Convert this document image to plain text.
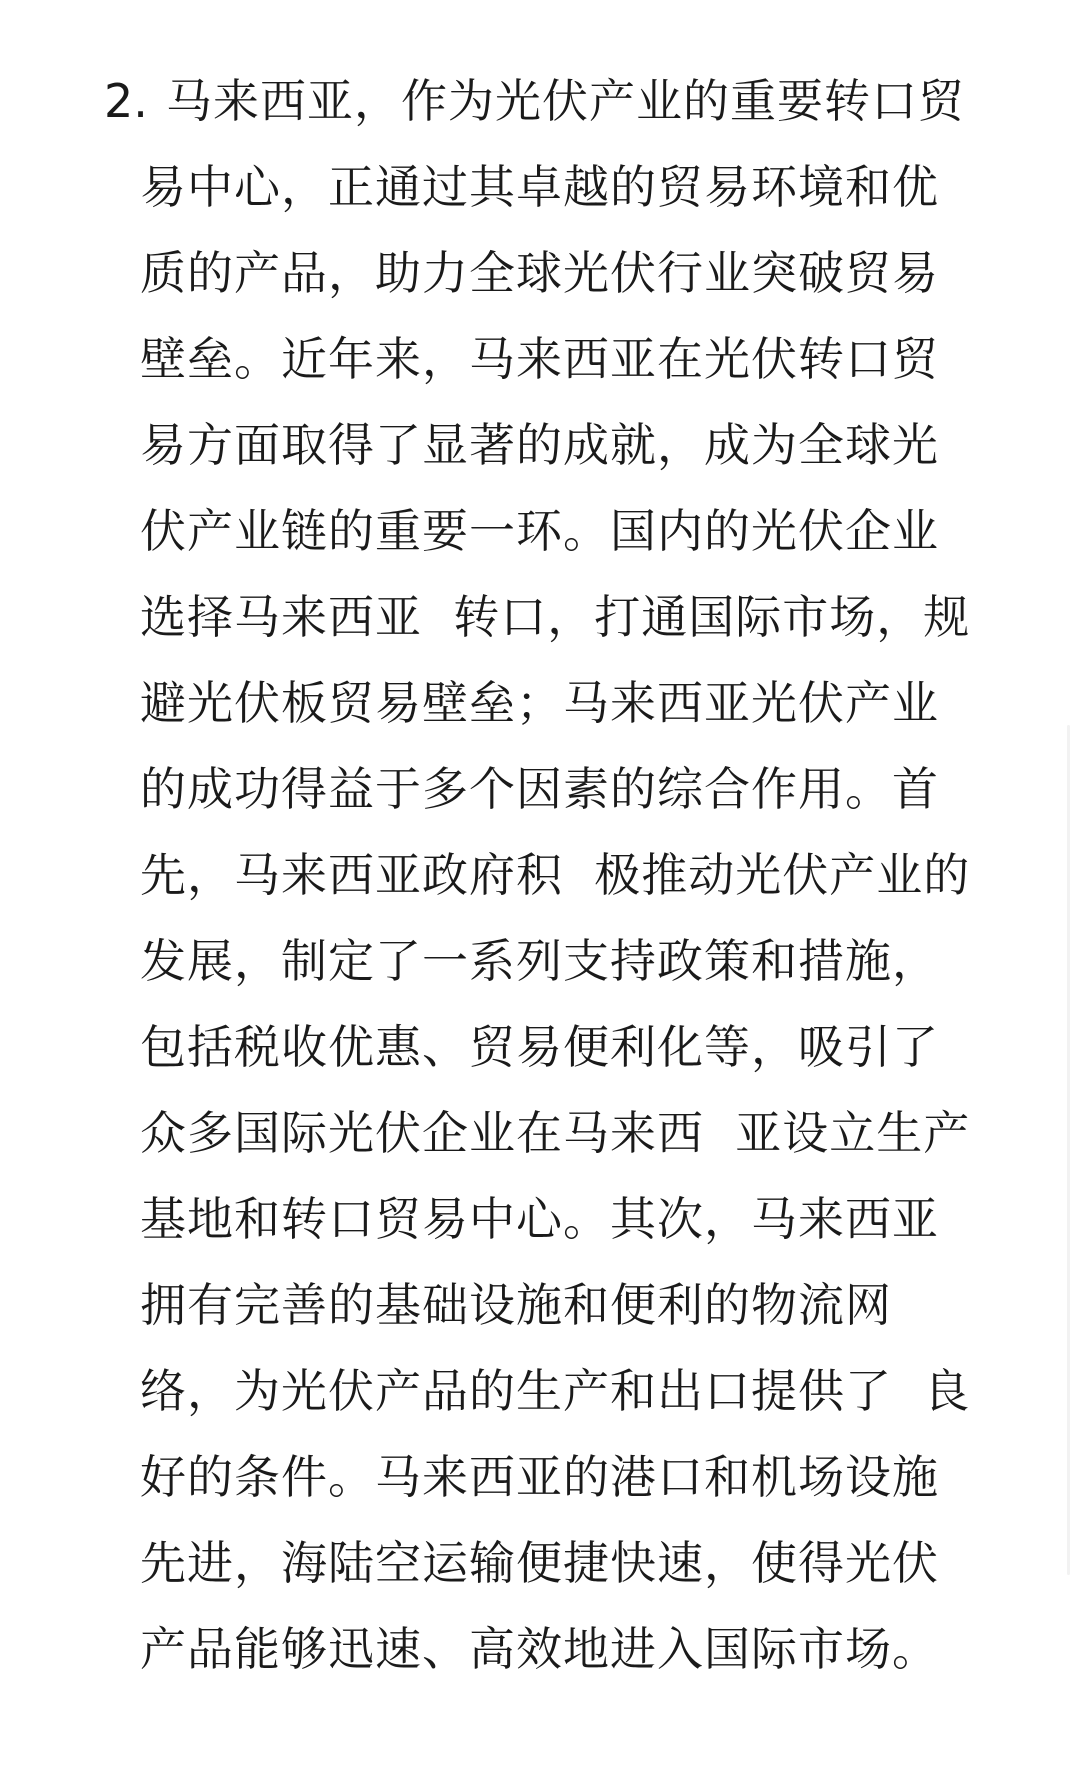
2. 马来西亚，作为光伏产业的重要转口贸
易中心，正通过其卓越的贸易环境和优
质的产品，助力全球光伏行业突破贸易
壁垒。近年来，马来西亚在光伏转口贸
易方面取得了显著的成就，成为全球光
伏产业链的重要一环。国内的光伏企业
选择马来西亚  转口，打通国际市场，规
避光伏板贸易壁垒；马来西亚光伏产业
的成功得益于多个因素的综合作用。首
先，马来西亚政府积  极推动光伏产业的
发展，制定了一系列支持政策和措施，
包括税收优惠、贸易便利化等，吸引了
众多国际光伏企业在马来西  亚设立生产
基地和转口贸易中心。其次，马来西亚
拥有完善的基础设施和便利的物流网
络，为光伏产品的生产和出口提供了  良
好的条件。马来西亚的港口和机场设施
先进，海陆空运输便捷快速，使得光伏
产品能够迅速、高效地进入国际市场。
